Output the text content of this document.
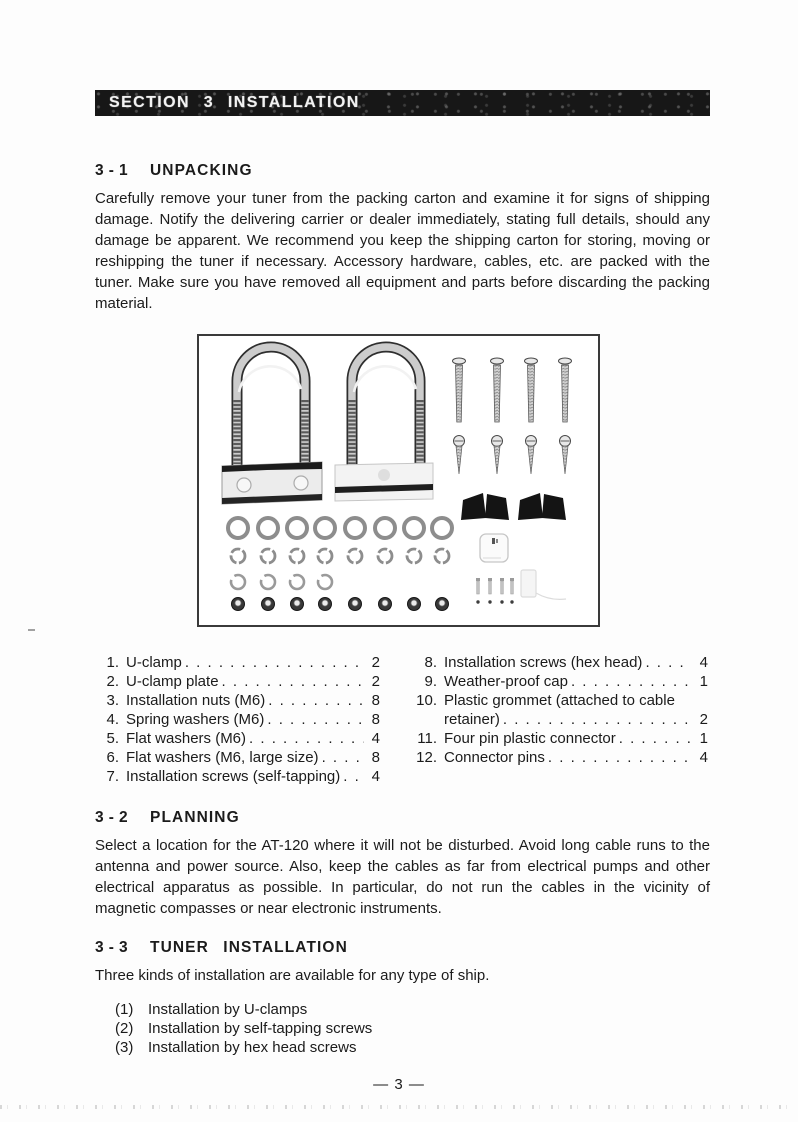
SECTION 3 INSTALLATION
3 - 1 UNPACKING

Carefully remove your tuner from the packing carton and examine it for signs of shipping damage. Notify the delivering carrier or dealer immediately, stating full details, should any damage be apparent. We recommend you keep the shipping carton for storing, moving or reshipping the tuner if necessary. Accessory hardware, cables, etc. are packed with the tuner. Make sure you have removed all equipment and parts before discarding the packing material.

1. U-clamp . . .	2
2. U-clamp plate . . .	2
3. Installation nuts (M6) . . .	8
4. Spring washers (M6) . . .	8
5. Flat washers (M6) . . .	4
6. Flat washers (M6, large size) . . .	8
7. Installation screws (self-tapping) . . .	4
8. Installation screws (hex head) . . .	4
9. Weather-proof cap . . .	1
10. Plastic grommet (attached to cable
retainer) . . .	2
11. Four pin plastic connector . . .	1
12. Connector pins . . .	4
3 - 2 PLANNING

Select a location for the AT-120 where it will not be disturbed. Avoid long cable runs to the antenna and power source. Also, keep the cables as far from electrical pumps and other electrical apparatus as possible. In particular, do not run the cables in the vicinity of magnetic compasses or near electronic instruments.

3 - 3 TUNER INSTALLATION

Three kinds of installation are available for any type of ship.

(1) Installation by U-clamps
(2) Installation by self-tapping screws
(3) Installation by hex head screws
— 3 —
